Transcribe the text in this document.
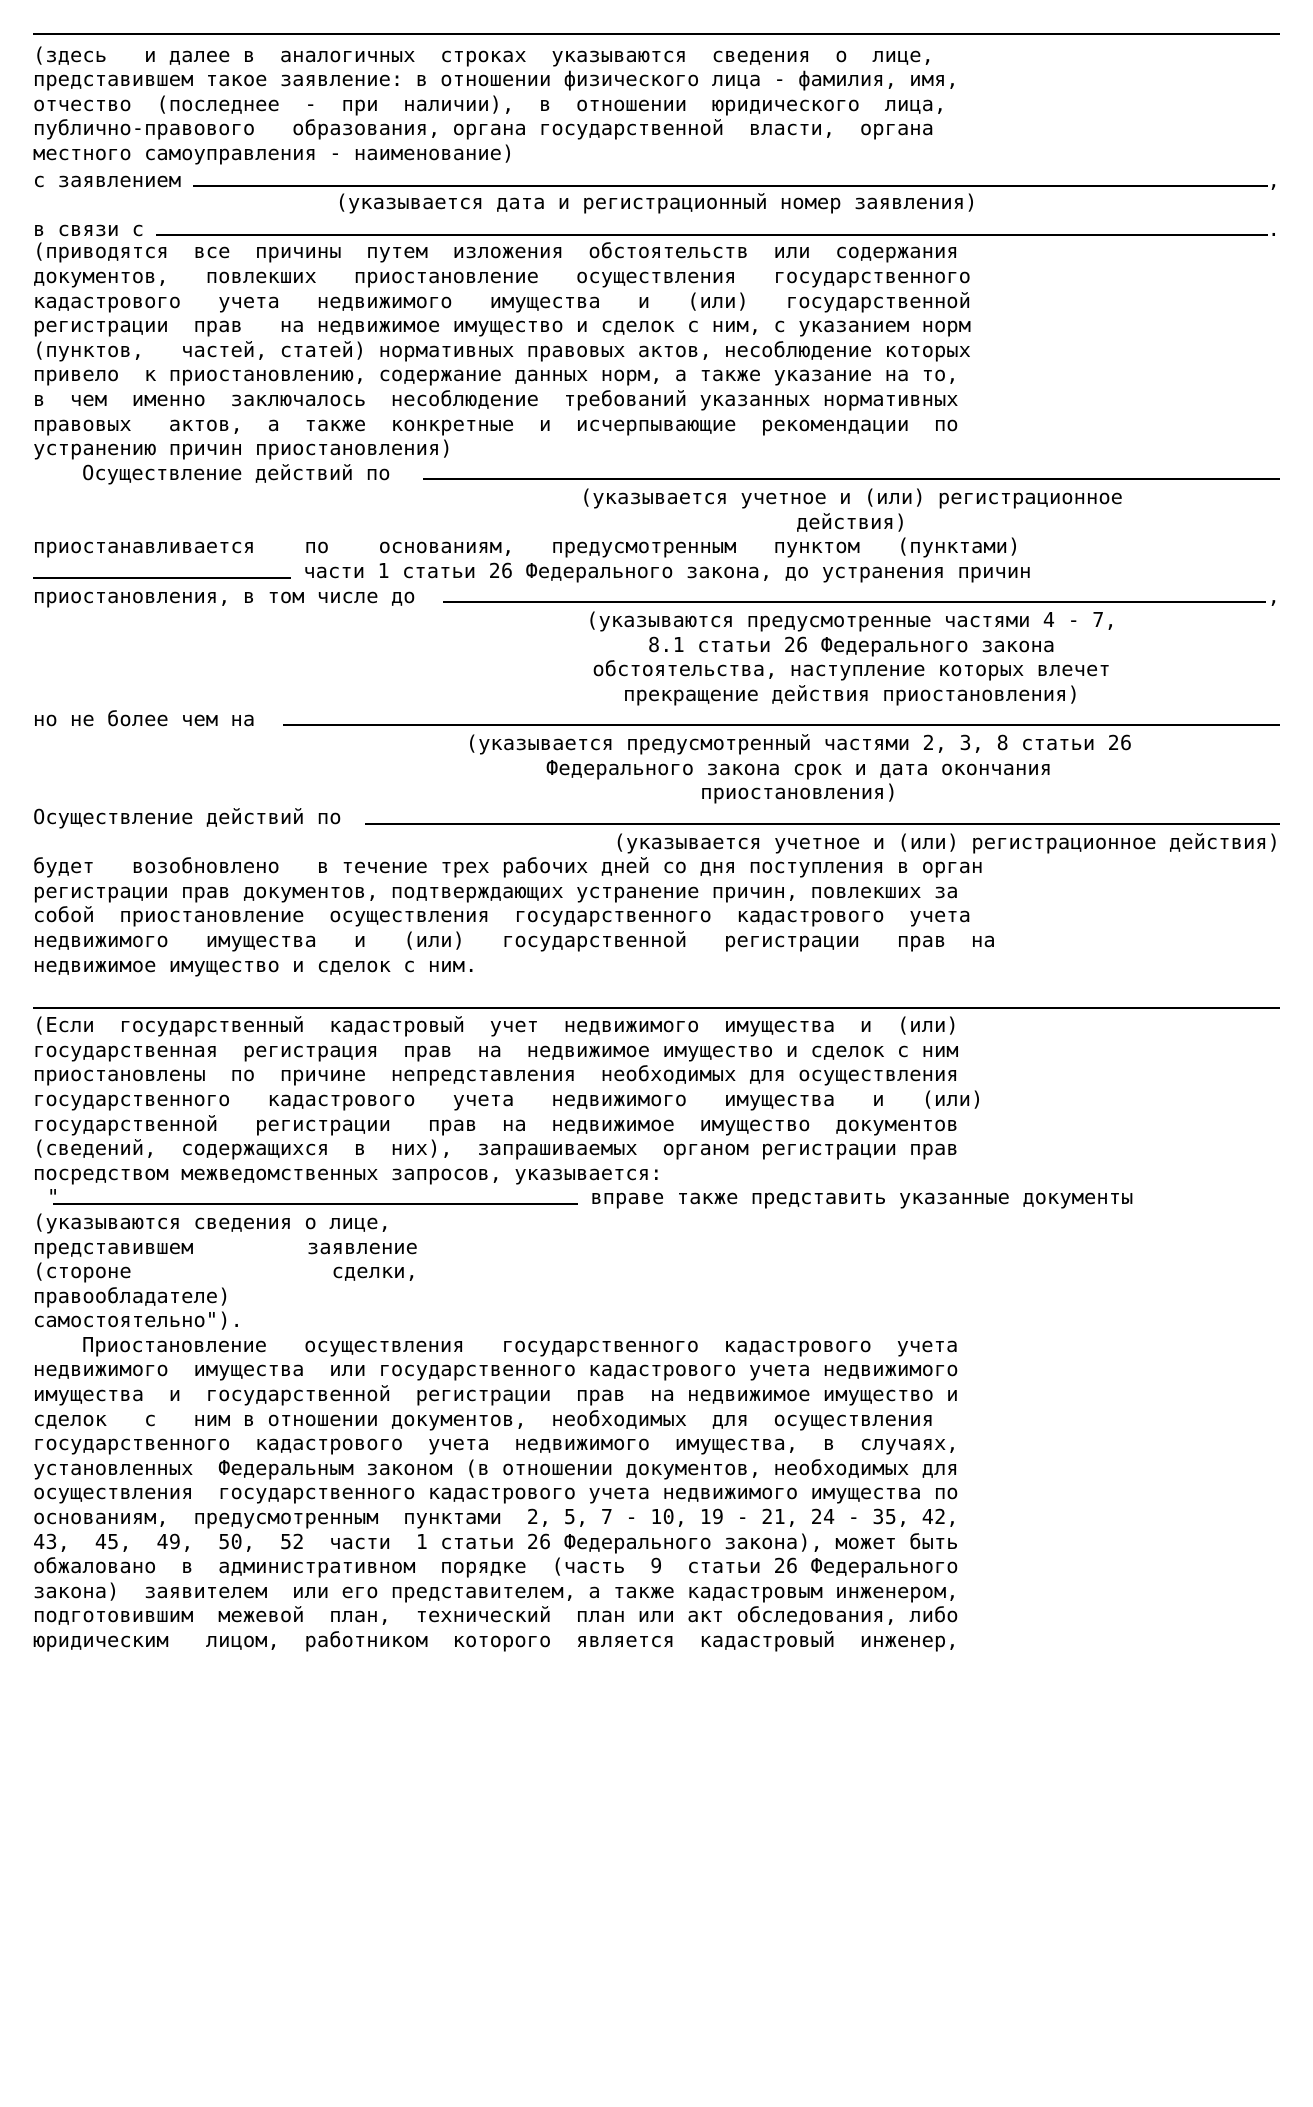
(здесь   и далее в  аналогичных  строках  указываются  сведения  о  лице,
представившем такое заявление: в отношении физического лица - фамилия, имя,
отчество  (последнее  -  при  наличии),  в  отношении  юридического  лица,
публично-правового   образования, органа государственной  власти,  органа
местного самоуправления - наименование)
с заявлением	,
(указывается дата и регистрационный номер заявления)
в связи с	.
(приводятся  все  причины  путем  изложения  обстоятельств  или  содержания
документов,   повлекших   приостановление   осуществления   государственного
кадастрового   учета   недвижимого   имущества   и   (или)   государственной
регистрации  прав   на недвижимое имущество и сделок с ним, с указанием норм
(пунктов,   частей, статей) нормативных правовых актов, несоблюдение которых
привело  к приостановлению, содержание данных норм, а также указание на то,
в  чем  именно  заключалось  несоблюдение  требований указанных нормативных
правовых   актов,  а  также  конкретные  и  исчерпывающие  рекомендации  по
устранению причин приостановления)
Осуществление действий по
(указывается учетное и (или) регистрационное
действия)
приостанавливается    по    основаниям,   предусмотренным   пунктом   (пунктами)
части 1 статьи 26 Федерального закона, до устранения причин
приостановления, в том числе до	,
(указываются предусмотренные частями 4 - 7,
8.1 статьи 26 Федерального закона
обстоятельства, наступление которых влечет
прекращение действия приостановления)
но не более чем на
(указывается предусмотренный частями 2, 3, 8 статьи 26
Федерального закона срок и дата окончания
приостановления)
Осуществление действий по
(указывается учетное и (или) регистрационное действия)
будет   возобновлено   в течение трех рабочих дней со дня поступления в орган
регистрации прав документов, подтверждающих устранение причин, повлекших за
собой  приостановление  осуществления  государственного  кадастрового  учета
недвижимого   имущества   и   (или)   государственной   регистрации   прав  на
недвижимое имущество и сделок с ним.
(Если  государственный  кадастровый  учет  недвижимого  имущества  и  (или)
государственная  регистрация  прав  на  недвижимое имущество и сделок с ним
приостановлены  по  причине  непредставления  необходимых для осуществления
государственного   кадастрового   учета   недвижимого   имущества   и   (или)
государственной   регистрации   прав  на  недвижимое  имущество  документов
(сведений,  содержащихся  в  них),  запрашиваемых  органом регистрации прав
посредством межведомственных запросов, указывается:
"	вправе также представить указанные документы
(указываются сведения о лице,
представившем заявление
(стороне сделки,
правообладателе)
самостоятельно").
Приостановление   осуществления   государственного  кадастрового  учета
недвижимого  имущества  или государственного кадастрового учета недвижимого
имущества  и  государственной  регистрации  прав  на недвижимое имущество и
сделок   с   ним в отношении документов,  необходимых  для  осуществления
государственного  кадастрового  учета  недвижимого  имущества,  в  случаях,
установленных  Федеральным законом (в отношении документов, необходимых для
осуществления  государственного кадастрового учета недвижимого имущества по
основаниям,  предусмотренным  пунктами  2, 5, 7 - 10, 19 - 21, 24 - 35, 42,
43,  45,  49,  50,  52  части  1 статьи 26 Федерального закона), может быть
обжаловано  в  административном  порядке  (часть  9  статьи 26 Федерального
закона)  заявителем  или его представителем, а также кадастровым инженером,
подготовившим  межевой  план,  технический  план или акт обследования, либо
юридическим   лицом,  работником  которого  является  кадастровый  инженер,
